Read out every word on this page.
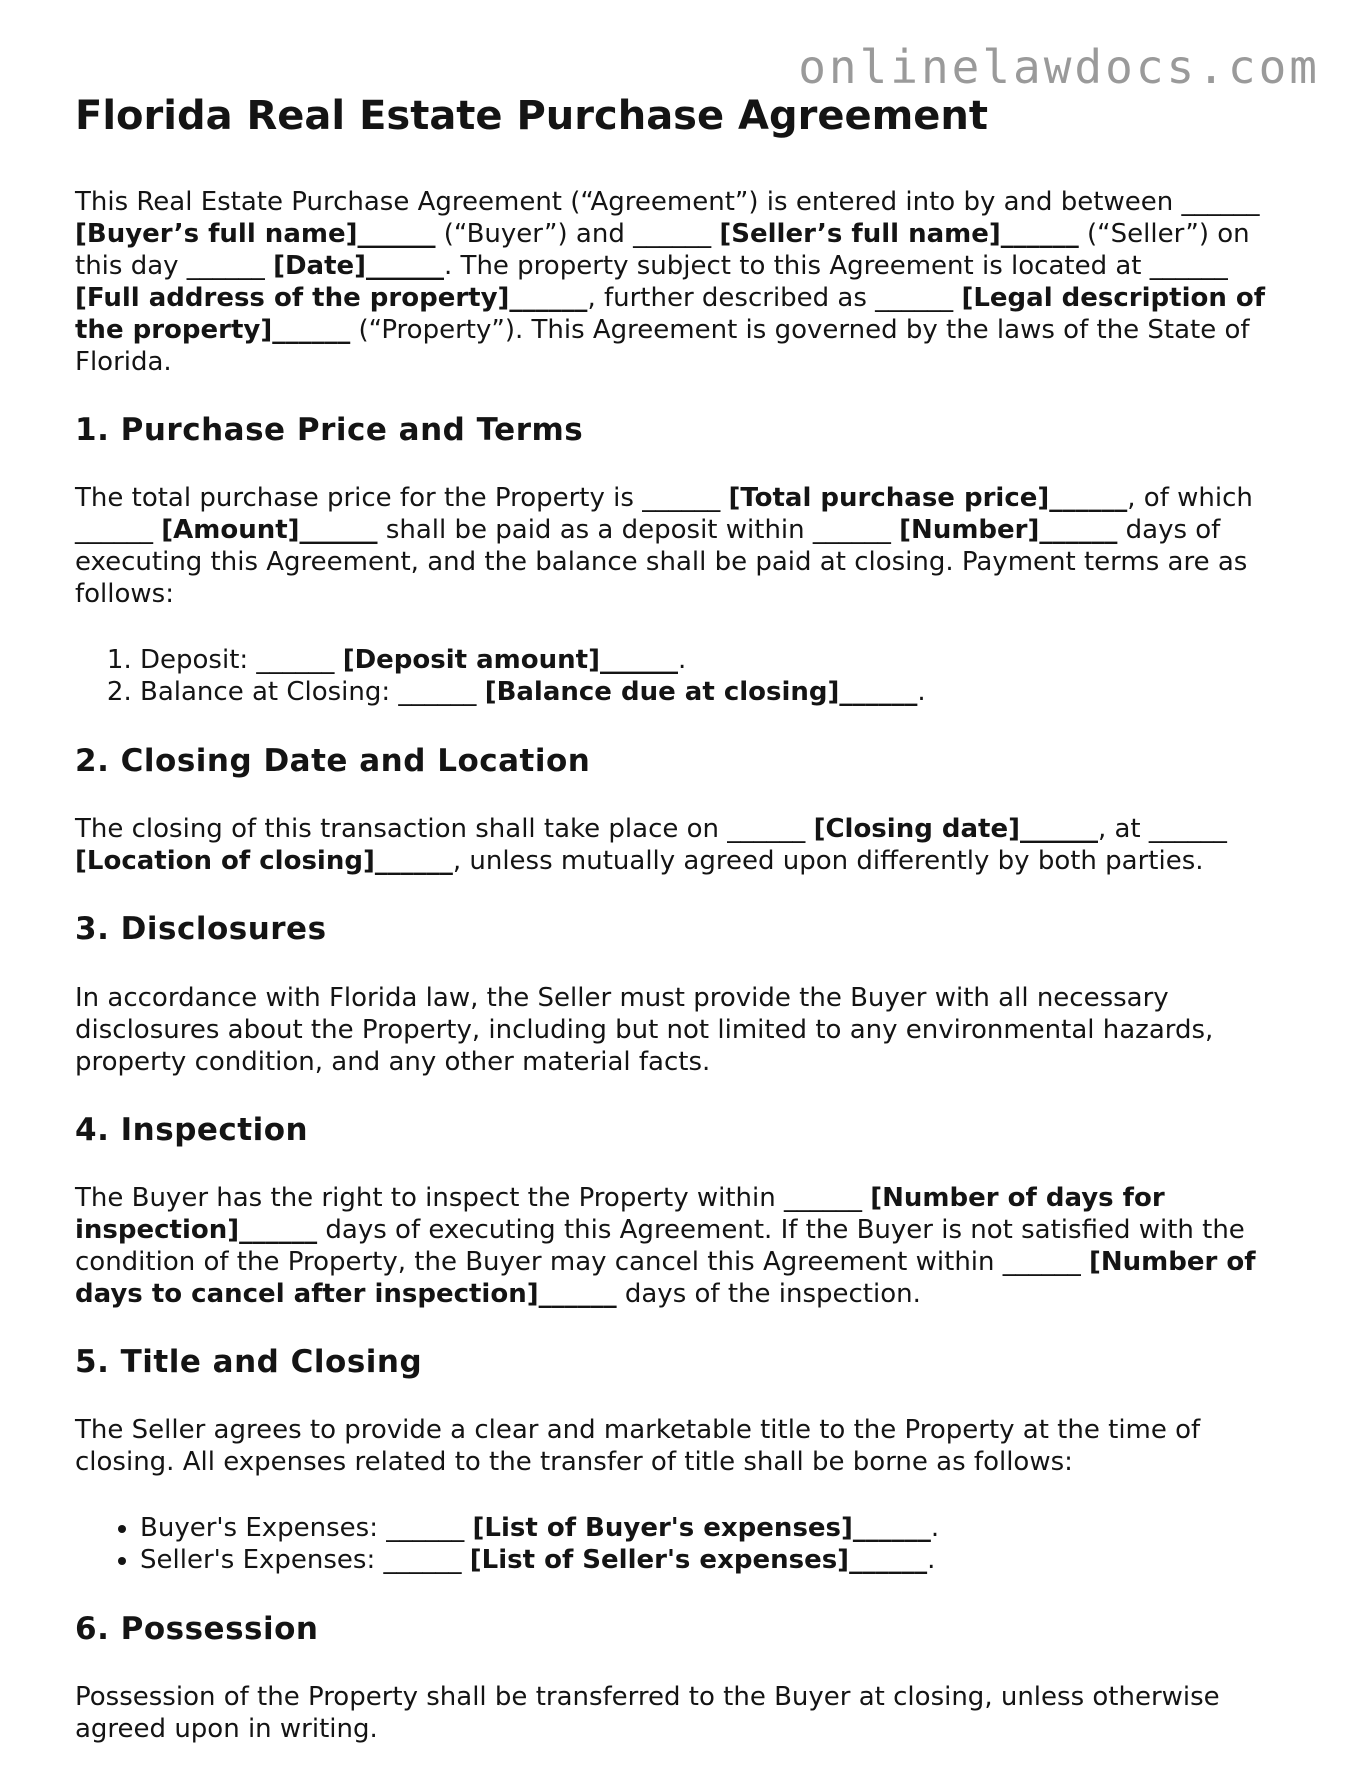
onlinelawdocs.com
Florida Real Estate Purchase Agreement

This Real Estate Purchase Agreement (“Agreement”) is entered into by and between ______ [Buyer’s full name]______ (“Buyer”) and ______ [Seller’s full name]______ (“Seller”) on this day ______ [Date]______. The property subject to this Agreement is located at ______ [Full address of the property]______, further described as ______ [Legal description of the property]______ (“Property”). This Agreement is governed by the laws of the State of Florida.

1. Purchase Price and Terms

The total purchase price for the Property is ______ [Total purchase price]______, of which ______ [Amount]______ shall be paid as a deposit within ______ [Number]______ days of executing this Agreement, and the balance shall be paid at closing. Payment terms are as follows:

1. Deposit: ______ [Deposit amount]______.
2. Balance at Closing: ______ [Balance due at closing]______.
2. Closing Date and Location

The closing of this transaction shall take place on ______ [Closing date]______, at ______ [Location of closing]______, unless mutually agreed upon differently by both parties.

3. Disclosures

In accordance with Florida law, the Seller must provide the Buyer with all necessary disclosures about the Property, including but not limited to any environmental hazards, property condition, and any other material facts.

4. Inspection

The Buyer has the right to inspect the Property within ______ [Number of days for inspection]______ days of executing this Agreement. If the Buyer is not satisfied with the condition of the Property, the Buyer may cancel this Agreement within ______ [Number of days to cancel after inspection]______ days of the inspection.

5. Title and Closing

The Seller agrees to provide a clear and marketable title to the Property at the time of closing. All expenses related to the transfer of title shall be borne as follows:

• Buyer's Expenses: ______ [List of Buyer's expenses]______.
• Seller's Expenses: ______ [List of Seller's expenses]______.
6. Possession

Possession of the Property shall be transferred to the Buyer at closing, unless otherwise agreed upon in writing.
